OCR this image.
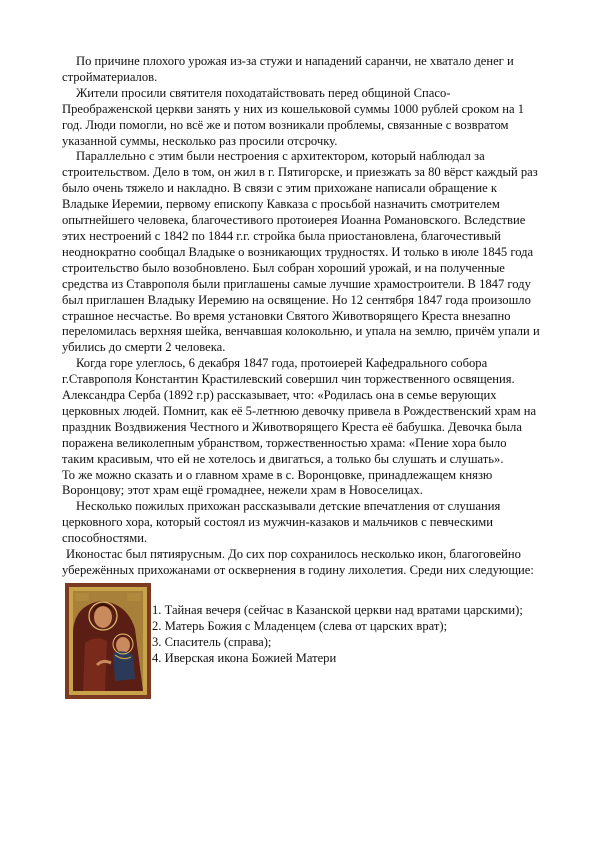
По причине плохого урожая из-за стужи и нападений саранчи, не хватало денег и стройматериалов.

Жители просили святителя походатайствовать перед общиной Спасо-Преображенской церкви занять у них из кошельковой суммы 1000 рублей сроком на 1 год. Люди помогли, но всё же и потом возникали проблемы, связанные с возвратом указанной суммы, несколько раз просили отсрочку.

Параллельно с этим были нестроения с архитектором, который наблюдал за строительством. Дело в том, он жил в г. Пятигорске, и приезжать за 80 вёрст каждый раз было очень тяжело и накладно. В связи с этим прихожане написали обращение к Владыке Иеремии, первому епископу Кавказа с просьбой назначить смотрителем опытнейшего человека, благочестивого протоиерея Иоанна Романовского. Вследствие этих нестроений с 1842 по 1844 г.г. стройка была приостановлена, благочестивый неоднократно сообщал Владыке о возникающих трудностях. И только в июле 1845 года строительство было возобновлено. Был собран хороший урожай, и на полученные средства из Ставрополя были приглашены самые лучшие храмостроители. В 1847 году был приглашен Владыку Иеремию на освящение. Но 12 сентября 1847 года произошло страшное несчастье. Во время установки Святого Животворящего Креста внезапно переломилась верхняя шейка, венчавшая колокольню, и упала на землю, причём упали и убились до смерти 2 человека.

Когда горе улеглось, 6 декабря 1847 года, протоиерей Кафедрального собора г.Ставрополя Константин Крастилевский совершил чин торжественного освящения. Александра Серба (1892 г.р) рассказывает, что: «Родилась она в семье верующих церковных людей. Помнит, как её 5-летнюю девочку привела в Рождественский храм на праздник Воздвижения Честного и Животворящего Креста её бабушка. Девочка была поражена великолепным убранством, торжественностью храма: «Пение хора было таким красивым, что ей не хотелось и двигаться, а только бы слушать и слушать».

То же можно сказать и о главном храме в с. Воронцовке, принадлежащем князю Воронцову; этот храм ещё громаднее, нежели храм в Новоселицах.

Несколько пожилых прихожан рассказывали детские впечатления от слушания церковного хора, который состоял из мужчин-казаков и мальчиков с певческими способностями.

Иконостас был пятиярусным. До сих пор сохранилось несколько икон, благоговейно убережённых прихожанами от осквернения в годину лихолетия. Среди них следующие:

1. Тайная вечеря (сейчас в Казанской церкви над вратами царскими);
2. Матерь Божия с Младенцем (слева от царских врат);
3. Спаситель (справа);
4. Иверская икона Божией Матери
